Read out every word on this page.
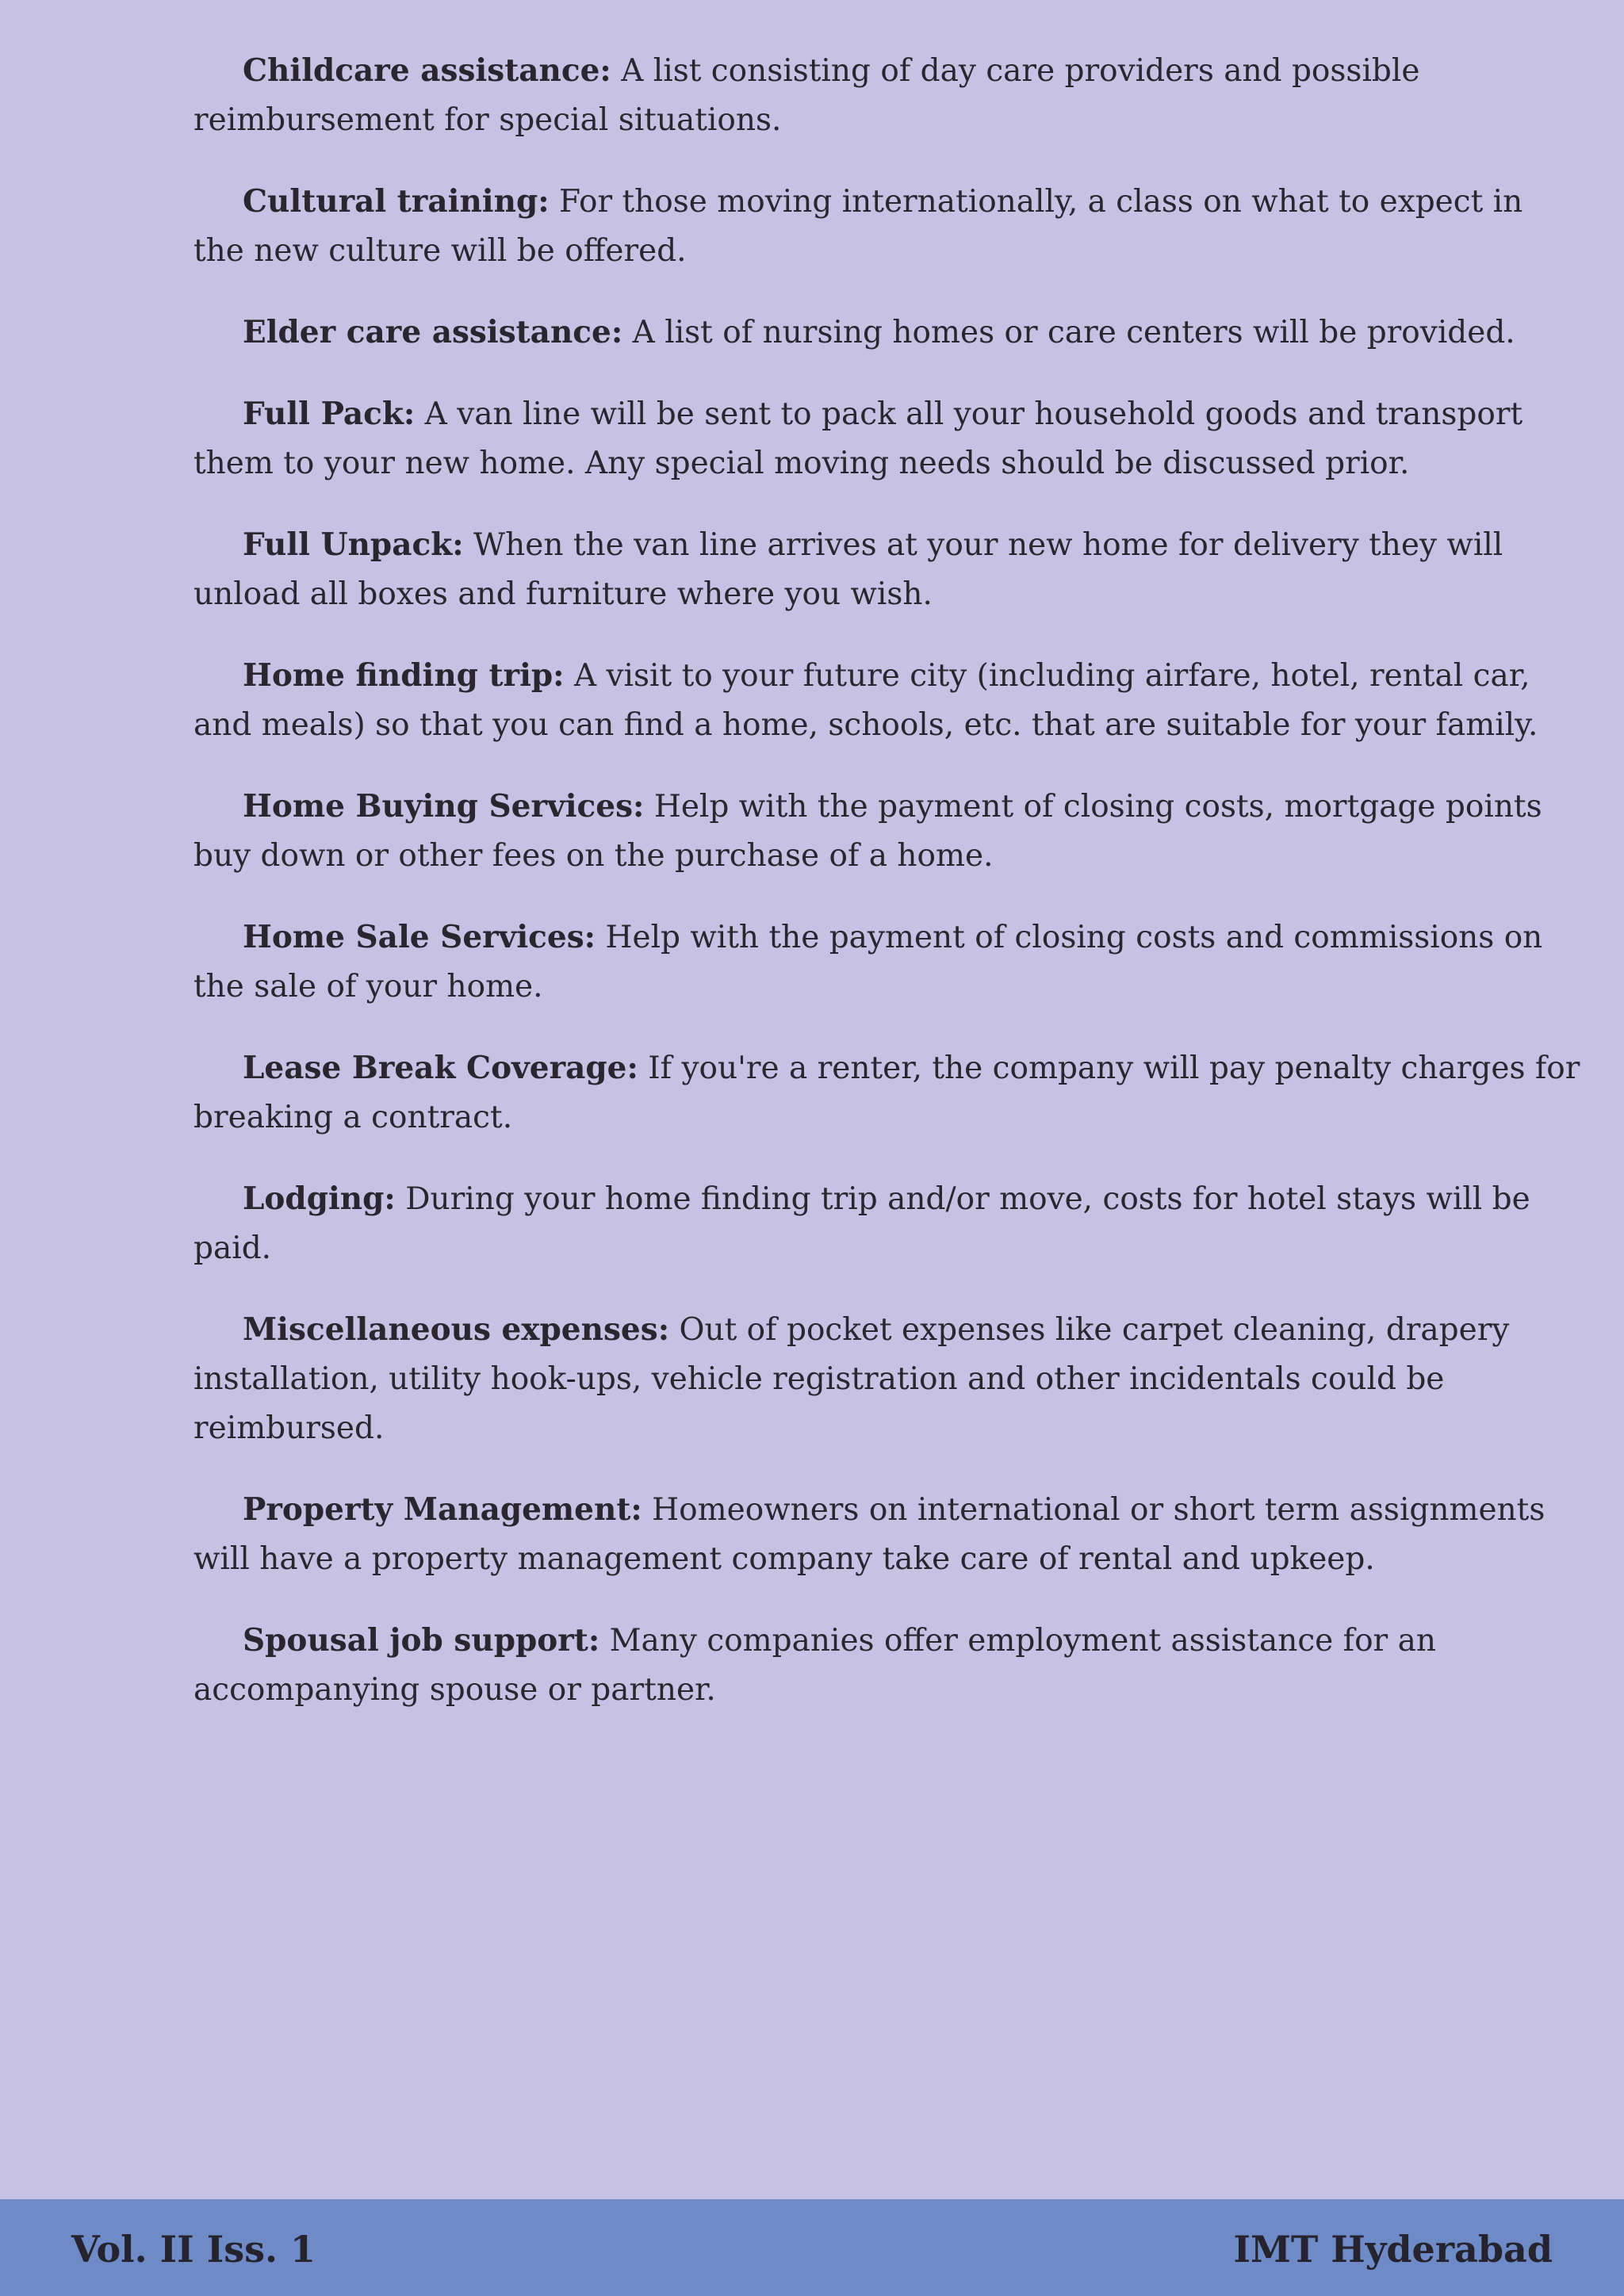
Childcare assistance: A list consisting of day care providers and possible reimbursement for special situations.

Cultural training: For those moving internationally, a class on what to expect in the new culture will be offered.

Elder care assistance: A list of nursing homes or care centers will be provided.

Full Pack: A van line will be sent to pack all your household goods and transport them to your new home. Any special moving needs should be discussed prior.

Full Unpack: When the van line arrives at your new home for delivery they will unload all boxes and furniture where you wish.

Home finding trip: A visit to your future city (including airfare, hotel, rental car, and meals) so that you can find a home, schools, etc. that are suitable for your family.

Home Buying Services: Help with the payment of closing costs, mortgage points buy down or other fees on the purchase of a home.

Home Sale Services: Help with the payment of closing costs and commissions on the sale of your home.

Lease Break Coverage: If you're a renter, the company will pay penalty charges for breaking a contract.

Lodging: During your home finding trip and/or move, costs for hotel stays will be paid.

Miscellaneous expenses: Out of pocket expenses like carpet cleaning, drapery installation, utility hook-ups, vehicle registration and other incidentals could be reimbursed.

Property Management: Homeowners on international or short term assignments will have a property management company take care of rental and upkeep.

Spousal job support: Many companies offer employment assistance for an accompanying spouse or partner.

Vol. II Iss. 1	IMT Hyderabad
